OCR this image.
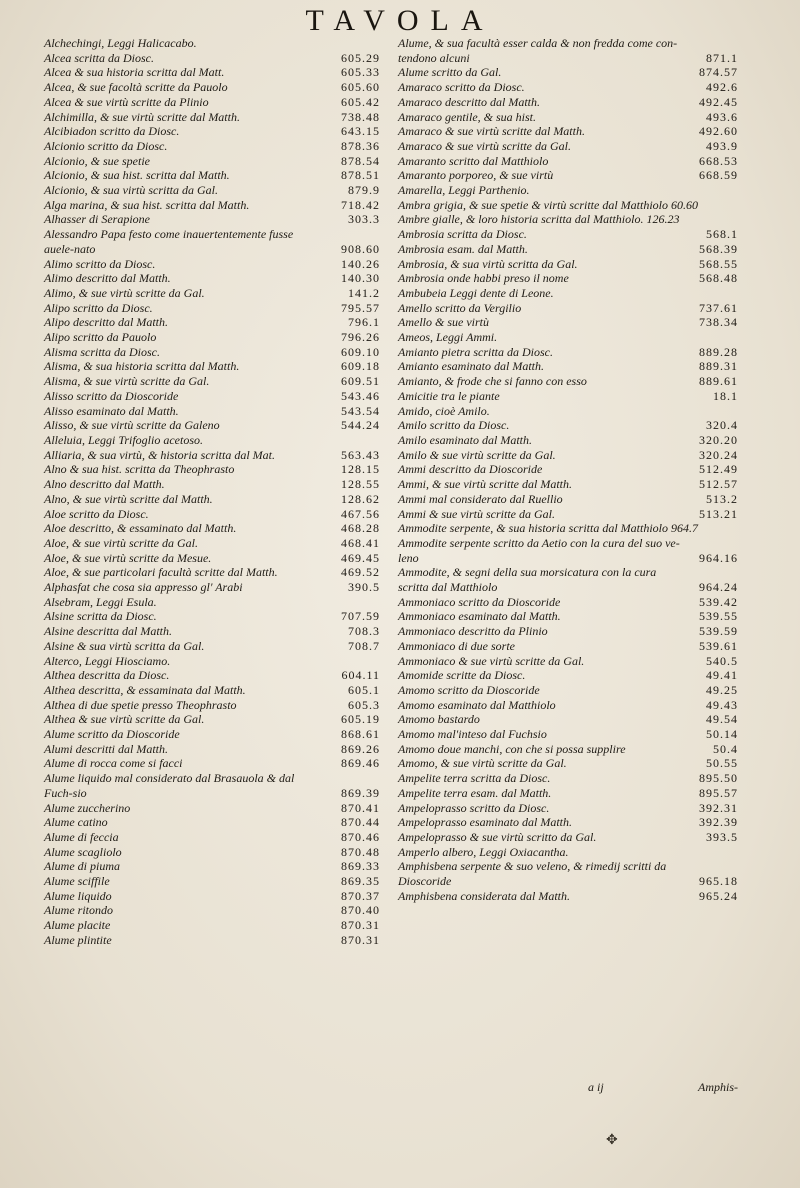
TAVOLA
Alchechingi, Leggi Halicacabo.
Alcea scritta da Diosc.	605.29
Alcea & sua historia scritta dal Matt.	605.33
Alcea, & sue facoltà scritte da Pauolo	605.60
Alcea & sue virtù scritte da Plinio	605.42
Alchimilla, & sue virtù scritte dal Matth.	738.48
Alcibiadon scritto da Diosc.	643.15
Alcionio scritto da Diosc.	878.36
Alcionio, & sue spetie	878.54
Alcionio, & sua hist. scritta dal Matth.	878.51
Alcionio, & sua virtù scritta da Gal.	879.9
Alga marina, & sua hist. scritta dal Matth.	718.42
Alhasser di Serapione	303.3
Alessandro Papa festo come inauertentemente fusse auele-nato	908.60
Alimo scritto da Diosc.	140.26
Alimo descritto dal Matth.	140.30
Alimo, & sue virtù scritte da Gal.	141.2
Alipo scritto da Diosc.	795.57
Alipo descritto dal Matth.	796.1
Alipo scritto da Pauolo	796.26
Alisma scritta da Diosc.	609.10
Alisma, & sua historia scritta dal Matth.	609.18
Alisma, & sue virtù scritte da Gal.	609.51
Alisso scritto da Dioscoride	543.46
Alisso esaminato dal Matth.	543.54
Alisso, & sue virtù scritte da Galeno	544.24
Alleluia, Leggi Trifoglio acetoso.
Alliaria, & sua virtù, & historia scritta dal Mat.	563.43
Alno & sua hist. scritta da Theophrasto	128.15
Alno descritto dal Matth.	128.55
Alno, & sue virtù scritte dal Matth.	128.62
Aloe scritto da Diosc.	467.56
Aloe descritto, & essaminato dal Matth.	468.28
Aloe, & sue virtù scritte da Gal.	468.41
Aloe, & sue virtù scritte da Mesue.	469.45
Aloe, & sue particolari facultà scritte dal Matth.	469.52
Alphasfat che cosa sia appresso gl' Arabi	390.5
Alsebram, Leggi Esula.
Alsine scritta da Diosc.	707.59
Alsine descritta dal Matth.	708.3
Alsine & sua virtù scritta da Gal.	708.7
Alterco, Leggi Hiosciamo.
Althea descritta da Diosc.	604.11
Althea descritta, & essaminata dal Matth.	605.1
Althea di due spetie presso Theophrasto	605.3
Althea & sue virtù scritte da Gal.	605.19
Alume scritto da Dioscoride	868.61
Alumi descritti dal Matth.	869.26
Alume di rocca come si facci	869.46
Alume liquido mal considerato dal Brasauola & dal Fuch-sio	869.39
Alume zuccherino	870.41
Alume catino	870.44
Alume di feccia	870.46
Alume scagliolo	870.48
Alume di piuma	869.33
Alume sciffile	869.35
Alume liquido	870.37
Alume ritondo	870.40
Alume placite	870.31
Alume plintite	870.31
Alume, & sua facultà esser calda & non fredda come con-tendono alcuni	871.1
Alume scritto da Gal.	874.57
Amaraco scritto da Diosc.	492.6
Amaraco descritto dal Matth.	492.45
Amaraco gentile, & sua hist.	493.6
Amaraco & sue virtù scritte dal Matth.	492.60
Amaraco & sue virtù scritte da Gal.	493.9
Amaranto scritto dal Matthiolo	668.53
Amaranto porporeo, & sue virtù	668.59
Amarella, Leggi Parthenio.
Ambra grigia, & sue spetie & virtù scritte dal Matthiolo 60.60
Ambre gialle, & loro historia scritta dal Matthiolo. 126.23
Ambrosia scritta da Diosc.	568.1
Ambrosia esam. dal Matth.	568.39
Ambrosia, & sua virtù scritta da Gal.	568.55
Ambrosia onde habbi preso il nome	568.48
Ambubeia Leggi dente di Leone.
Amello scritto da Vergilio	737.61
Amello & sue virtù	738.34
Ameos, Leggi Ammi.
Amianto pietra scritta da Diosc.	889.28
Amianto esaminato dal Matth.	889.31
Amianto, & frode che si fanno con esso	889.61
Amicitie tra le piante	18.1
Amido, cioè Amilo.
Amilo scritto da Diosc.	320.4
Amilo esaminato dal Matth.	320.20
Amilo & sue virtù scritte da Gal.	320.24
Ammi descritto da Dioscoride	512.49
Ammi, & sue virtù scritte dal Matth.	512.57
Ammi mal considerato dal Ruellio	513.2
Ammi & sue virtù scritte da Gal.	513.21
Ammodite serpente, & sua historia scritta dal Matthiolo 964.7
Ammodite serpente scritto da Aetio con la cura del suo ve-leno	964.16
Ammodite, & segni della sua morsicatura con la cura scritta dal Matthiolo	964.24
Ammoniaco scritto da Dioscoride	539.42
Ammoniaco esaminato dal Matth.	539.55
Ammoniaco descritto da Plinio	539.59
Ammoniaco di due sorte	539.61
Ammoniaco & sue virtù scritte da Gal.	540.5
Amomide scritte da Diosc.	49.41
Amomo scritto da Dioscoride	49.25
Amomo esaminato dal Matthiolo	49.43
Amomo bastardo	49.54
Amomo mal'inteso dal Fuchsio	50.14
Amomo doue manchi, con che si possa supplire	50.4
Amomo, & sue virtù scritte da Gal.	50.55
Ampelite terra scritta da Diosc.	895.50
Ampelite terra esam. dal Matth.	895.57
Ampeloprasso scritto da Diosc.	392.31
Ampeloprasso esaminato dal Matth.	392.39
Ampeloprasso & sue virtù scritto da Gal.	393.5
Amperlo albero, Leggi Oxiacantha.
Amphisbena serpente & suo veleno, & rimedij scritti da Dioscoride	965.18
Amphisbena considerata dal Matth.	965.24
a ij	Amphis-
✥
